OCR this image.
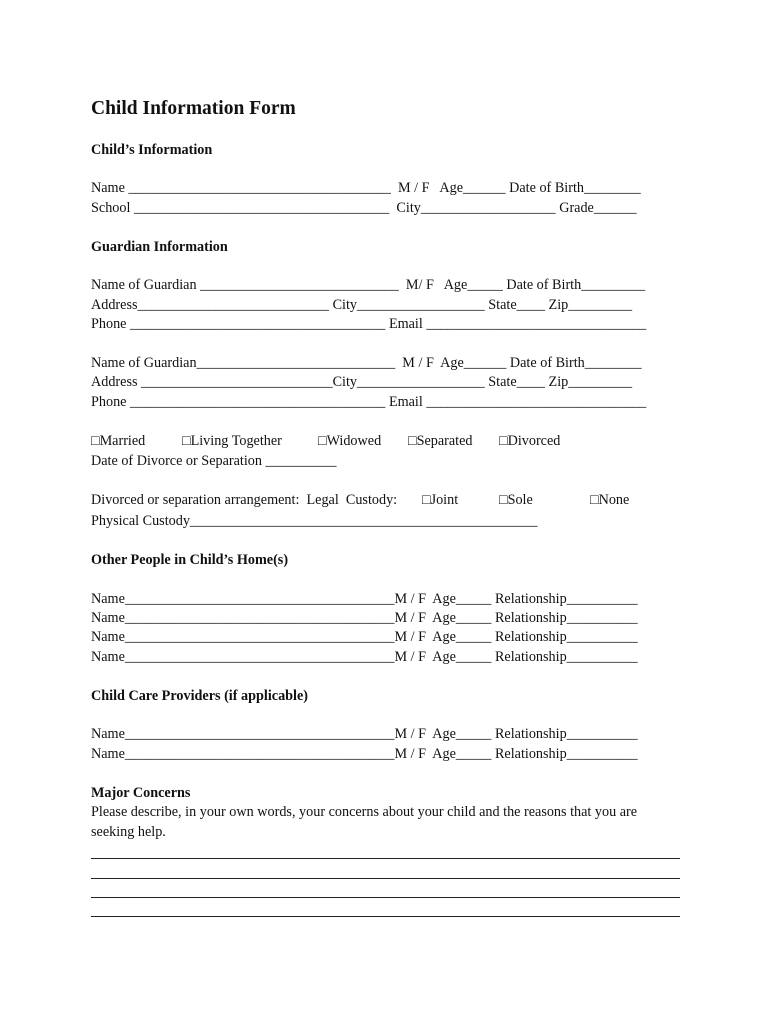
Child Information Form
Child’s Information
Name _____________________________________  M / F   Age______ Date of Birth________
School ____________________________________  City___________________ Grade______
Guardian Information
Name of Guardian ____________________________  M/ F   Age_____ Date of Birth_________
Address___________________________ City__________________ State____ Zip_________
Phone ____________________________________ Email _______________________________
Name of Guardian____________________________  M / F  Age______ Date of Birth________
Address ___________________________City__________________ State____ Zip_________
Phone ____________________________________ Email _______________________________
□Married	□Living Together	□Widowed □Separated □Divorced
Date of Divorce or Separation __________
Divorced or separation arrangement:  Legal  Custody: □Joint	□Sole	□None
Physical Custody_________________________________________________
Other People in Child’s Home(s)
Name______________________________________M / F  Age_____ Relationship__________
Name______________________________________M / F  Age_____ Relationship__________
Name______________________________________M / F  Age_____ Relationship__________
Name______________________________________M / F  Age_____ Relationship__________
Child Care Providers (if applicable)
Name______________________________________M / F  Age_____ Relationship__________
Name______________________________________M / F  Age_____ Relationship__________
Major Concerns
Please describe, in your own words, your concerns about your child and the reasons that you are
seeking help.
